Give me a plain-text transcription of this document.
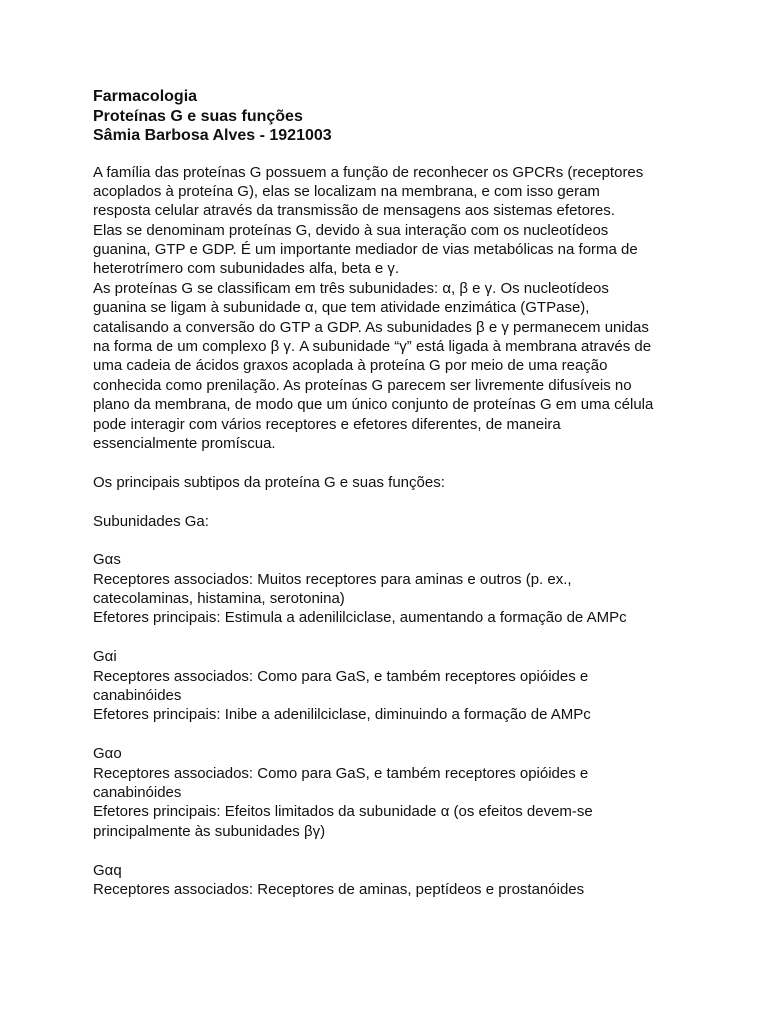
Farmacologia
Proteínas G e suas funções
Sâmia Barbosa Alves - 1921003
A família das proteínas G possuem a função de reconhecer os GPCRs (receptores
acoplados à proteína G), elas se localizam na membrana, e com isso geram
resposta celular através da transmissão de mensagens aos sistemas efetores.
Elas se denominam proteínas G, devido à sua interação com os nucleotídeos
guanina, GTP e GDP. É um importante mediador de vias metabólicas na forma de
heterotrímero com subunidades alfa, beta e γ.
As proteínas G se classificam em três subunidades: α, β e γ. Os nucleotídeos
guanina se ligam à subunidade α, que tem atividade enzimática (GTPase),
catalisando a conversão do GTP a GDP. As subunidades β e γ permanecem unidas
na forma de um complexo β γ. A subunidade “γ” está ligada à membrana através de
uma cadeia de ácidos graxos acoplada à proteína G por meio de uma reação
conhecida como prenilação. As proteínas G parecem ser livremente difusíveis no
plano da membrana, de modo que um único conjunto de proteínas G em uma célula
pode interagir com vários receptores e efetores diferentes, de maneira
essencialmente promíscua.
Os principais subtipos da proteína G e suas funções:
Subunidades Ga:
Gαs
Receptores associados: Muitos receptores para aminas e outros (p. ex.,
catecolaminas, histamina, serotonina)
Efetores principais: Estimula a adenililciclase, aumentando a formação de AMPc
Gαi
Receptores associados: Como para GaS, e também receptores opióides e
canabinóides
Efetores principais: Inibe a adenililciclase, diminuindo a formação de AMPc
Gαo
Receptores associados: Como para GaS, e também receptores opióides e
canabinóides
Efetores principais: Efeitos limitados da subunidade α (os efeitos devem-se
principalmente às subunidades βγ)
Gαq
Receptores associados: Receptores de aminas, peptídeos e prostanóides
